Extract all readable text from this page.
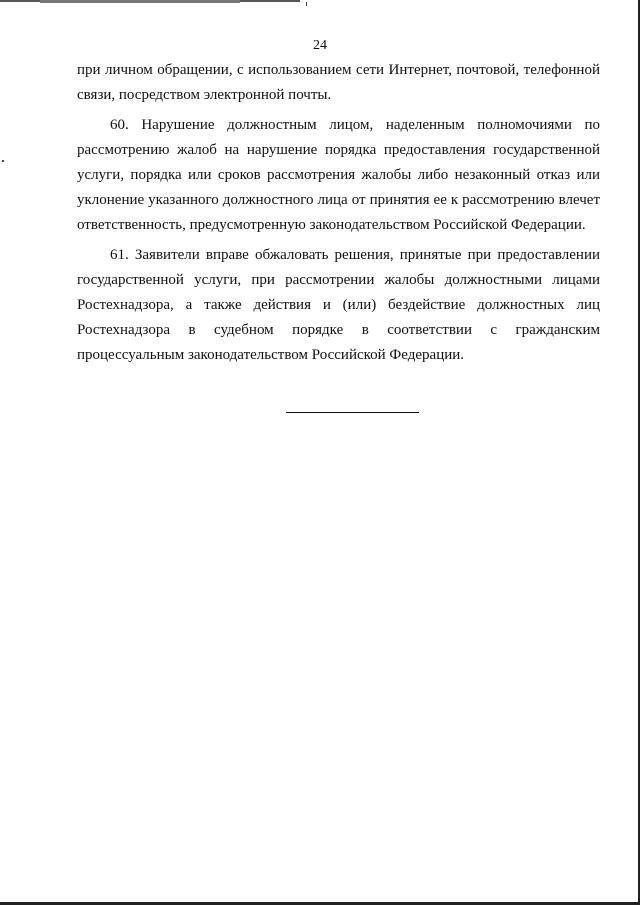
24

при личном обращении, с использованием сети Интернет, почтовой, телефонной связи, посредством электронной почты.

60. Нарушение должностным лицом, наделенным полномочиями по рассмотрению жалоб на нарушение порядка предоставления государственной услуги, порядка или сроков рассмотрения жалобы либо незаконный отказ или уклонение указанного должностного лица от принятия ее к рассмотрению влечет ответственность, предусмотренную законодательством Российской Федерации.

61. Заявители вправе обжаловать решения, принятые при предоставлении государственной услуги, при рассмотрении жалобы должностными лицами Ростехнадзора, а также действия и (или) бездействие должностных лиц Ростехнадзора в судебном порядке в соответствии с гражданским процессуальным законодательством Российской Федерации.
